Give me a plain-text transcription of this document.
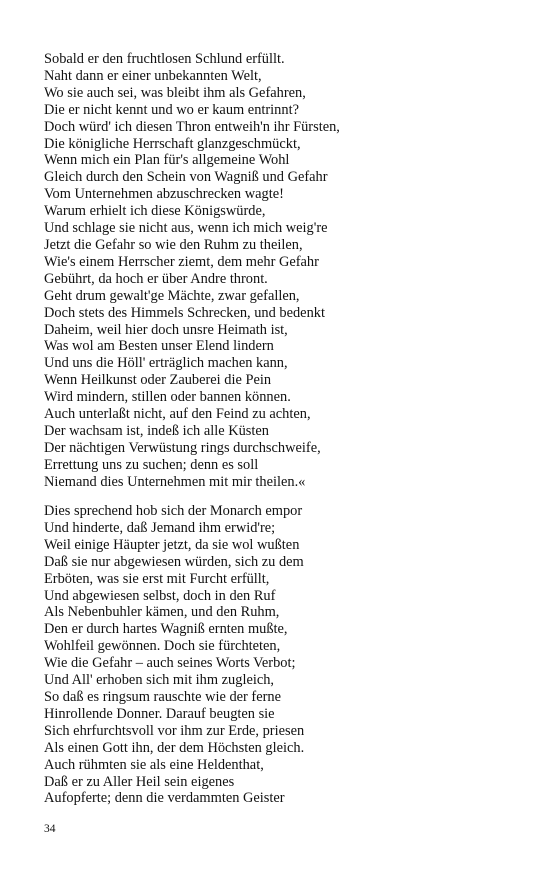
Sobald er den fruchtlosen Schlund erfüllt.
Naht dann er einer unbekannten Welt,
Wo sie auch sei, was bleibt ihm als Gefahren,
Die er nicht kennt und wo er kaum entrinnt?
Doch würd' ich diesen Thron entweih'n ihr Fürsten,
Die königliche Herrschaft glanzgeschmückt,
Wenn mich ein Plan für's allgemeine Wohl
Gleich durch den Schein von Wagniß und Gefahr
Vom Unternehmen abzuschrecken wagte!
Warum erhielt ich diese Königswürde,
Und schlage sie nicht aus, wenn ich mich weig're
Jetzt die Gefahr so wie den Ruhm zu theilen,
Wie's einem Herrscher ziemt, dem mehr Gefahr
Gebührt, da hoch er über Andre thront.
Geht drum gewalt'ge Mächte, zwar gefallen,
Doch stets des Himmels Schrecken, und bedenkt
Daheim, weil hier doch unsre Heimath ist,
Was wol am Besten unser Elend lindern
Und uns die Höll' erträglich machen kann,
Wenn Heilkunst oder Zauberei die Pein
Wird mindern, stillen oder bannen können.
Auch unterlaßt nicht, auf den Feind zu achten,
Der wachsam ist, indeß ich alle Küsten
Der nächtigen Verwüstung rings durchschweife,
Errettung uns zu suchen; denn es soll
Niemand dies Unternehmen mit mir theilen.«
Dies sprechend hob sich der Monarch empor
Und hinderte, daß Jemand ihm erwid're;
Weil einige Häupter jetzt, da sie wol wußten
Daß sie nur abgewiesen würden, sich zu dem
Erböten, was sie erst mit Furcht erfüllt,
Und abgewiesen selbst, doch in den Ruf
Als Nebenbuhler kämen, und den Ruhm,
Den er durch hartes Wagniß ernten mußte,
Wohlfeil gewönnen. Doch sie fürchteten,
Wie die Gefahr – auch seines Worts Verbot;
Und All' erhoben sich mit ihm zugleich,
So daß es ringsum rauschte wie der ferne
Hinrollende Donner. Darauf beugten sie
Sich ehrfurchtsvoll vor ihm zur Erde, priesen
Als einen Gott ihn, der dem Höchsten gleich.
Auch rühmten sie als eine Heldenthat,
Daß er zu Aller Heil sein eigenes
Aufopferte; denn die verdammten Geister
34
